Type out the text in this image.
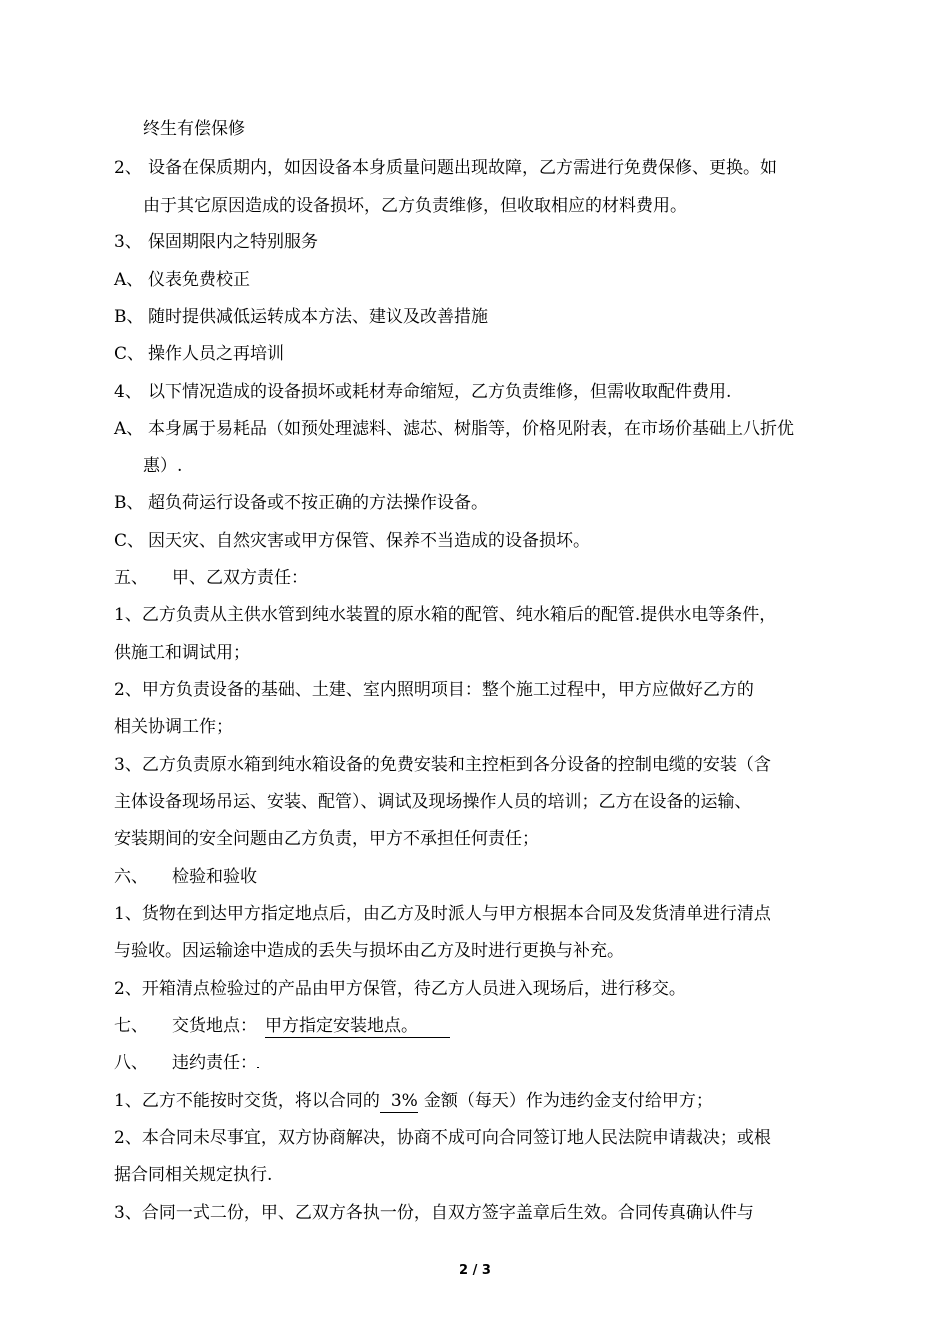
终生有偿保修
2、 设备在保质期内，如因设备本身质量问题出现故障，乙方需进行免费保修、更换。如
由于其它原因造成的设备损坏，乙方负责维修，但收取相应的材料费用。
3、 保固期限内之特别服务
A、 仪表免费校正
B、 随时提供减低运转成本方法、建议及改善措施
C、 操作人员之再培训
4、 以下情况造成的设备损坏或耗材寿命缩短，乙方负责维修，但需收取配件费用.
A、 本身属于易耗品（如预处理滤料、滤芯、树脂等，价格见附表，在市场价基础上八折优
惠）.
B、 超负荷运行设备或不按正确的方法操作设备。
C、 因天灾、自然灾害或甲方保管、保养不当造成的设备损坏。
五、 甲、乙双方责任：
1、乙方负责从主供水管到纯水装置的原水箱的配管、纯水箱后的配管.提供水电等条件，
供施工和调试用；
2、甲方负责设备的基础、土建、室内照明项目：整个施工过程中，甲方应做好乙方的
相关协调工作；
3、乙方负责原水箱到纯水箱设备的免费安装和主控柜到各分设备的控制电缆的安装（含
主体设备现场吊运、安装、配管）、调试及现场操作人员的培训；乙方在设备的运输、
安装期间的安全问题由乙方负责，甲方不承担任何责任；
六、 检验和验收
1、货物在到达甲方指定地点后，由乙方及时派人与甲方根据本合同及发货清单进行清点
与验收。因运输途中造成的丢失与损坏由乙方及时进行更换与补充。
2、开箱清点检验过的产品由甲方保管，待乙方人员进入现场后，进行移交。
七、 交货地点： 甲方指定安装地点。
八、 违约责任：
1、乙方不能按时交货，将以合同的 3% 金额（每天）作为违约金支付给甲方；
2、本合同未尽事宜，双方协商解决，协商不成可向合同签订地人民法院申请裁决；或根
据合同相关规定执行.
3、合同一式二份，甲、乙双方各执一份，自双方签字盖章后生效。合同传真确认件与
2 / 3
